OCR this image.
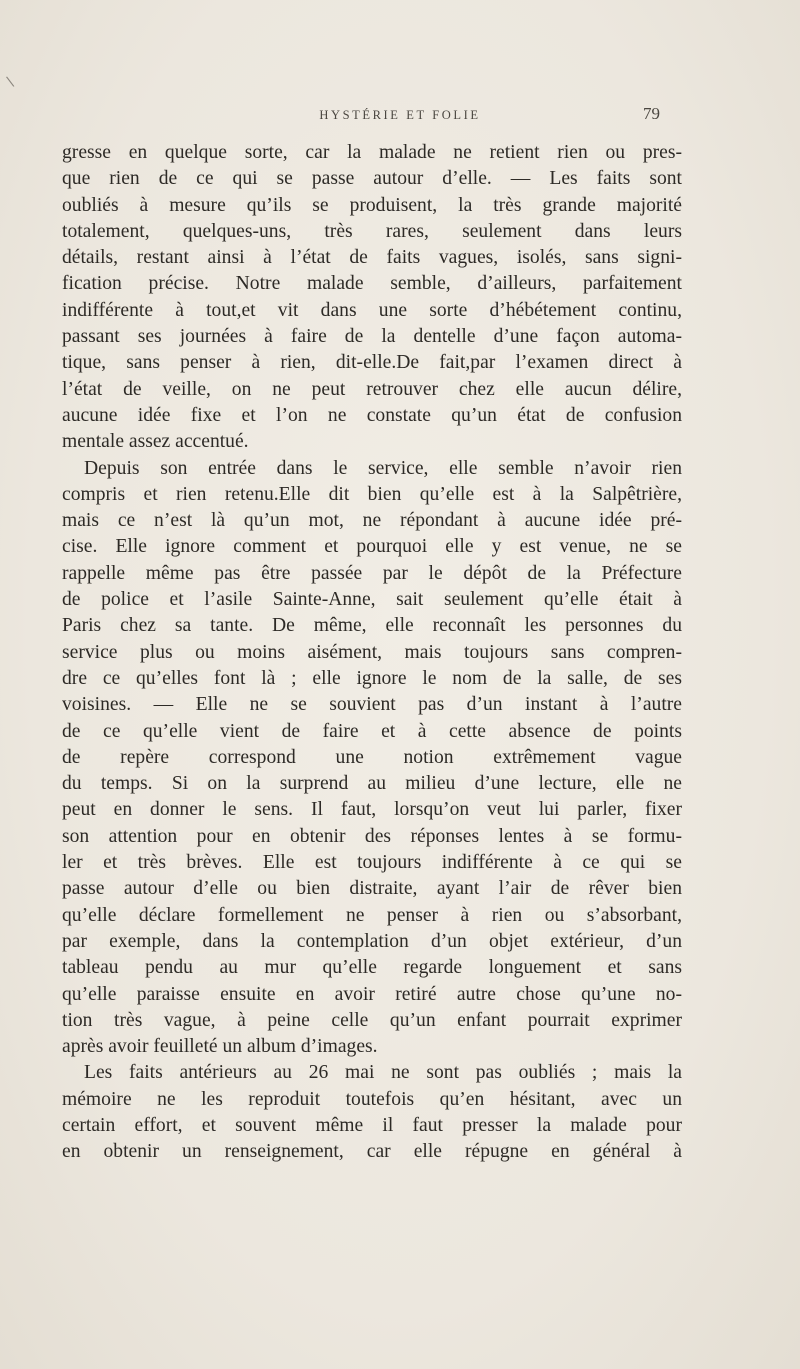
\
HYSTÉRIE ET FOLIE	79
gresse en quelque sorte, car la malade ne retient rien ou pres-
que rien de ce qui se passe autour d’elle. — Les faits sont
oubliés à mesure qu’ils se produisent, la très grande majorité
totalement, quelques-uns, très rares, seulement dans leurs
détails, restant ainsi à l’état de faits vagues, isolés, sans signi-
fication précise. Notre malade semble, d’ailleurs, parfaitement
indifférente à tout,et vit dans une sorte d’hébétement continu,
passant ses journées à faire de la dentelle d’une façon automa-
tique, sans penser à rien, dit-elle.De fait,par l’examen direct à
l’état de veille, on ne peut retrouver chez elle aucun délire,
aucune idée fixe et l’on ne constate qu’un état de confusion
mentale assez accentué.
Depuis son entrée dans le service, elle semble n’avoir rien
compris et rien retenu.Elle dit bien qu’elle est à la Salpêtrière,
mais ce n’est là qu’un mot, ne répondant à aucune idée pré-
cise. Elle ignore comment et pourquoi elle y est venue, ne se
rappelle même pas être passée par le dépôt de la Préfecture
de police et l’asile Sainte-Anne, sait seulement qu’elle était à
Paris chez sa tante. De même, elle reconnaît les personnes du
service plus ou moins aisément, mais toujours sans compren-
dre ce qu’elles font là ; elle ignore le nom de la salle, de ses
voisines. — Elle ne se souvient pas d’un instant à l’autre
de ce qu’elle vient de faire et à cette absence de points
de repère correspond une notion extrêmement vague
du temps. Si on la surprend au milieu d’une lecture, elle ne
peut en donner le sens. Il faut, lorsqu’on veut lui parler, fixer
son attention pour en obtenir des réponses lentes à se formu-
ler et très brèves. Elle est toujours indifférente à ce qui se
passe autour d’elle ou bien distraite, ayant l’air de rêver bien
qu’elle déclare formellement ne penser à rien ou s’absorbant,
par exemple, dans la contemplation d’un objet extérieur, d’un
tableau pendu au mur qu’elle regarde longuement et sans
qu’elle paraisse ensuite en avoir retiré autre chose qu’une no-
tion très vague, à peine celle qu’un enfant pourrait exprimer
après avoir feuilleté un album d’images.
Les faits antérieurs au 26 mai ne sont pas oubliés ; mais la
mémoire ne les reproduit toutefois qu’en hésitant, avec un
certain effort, et souvent même il faut presser la malade pour
en obtenir un renseignement, car elle répugne en général à
